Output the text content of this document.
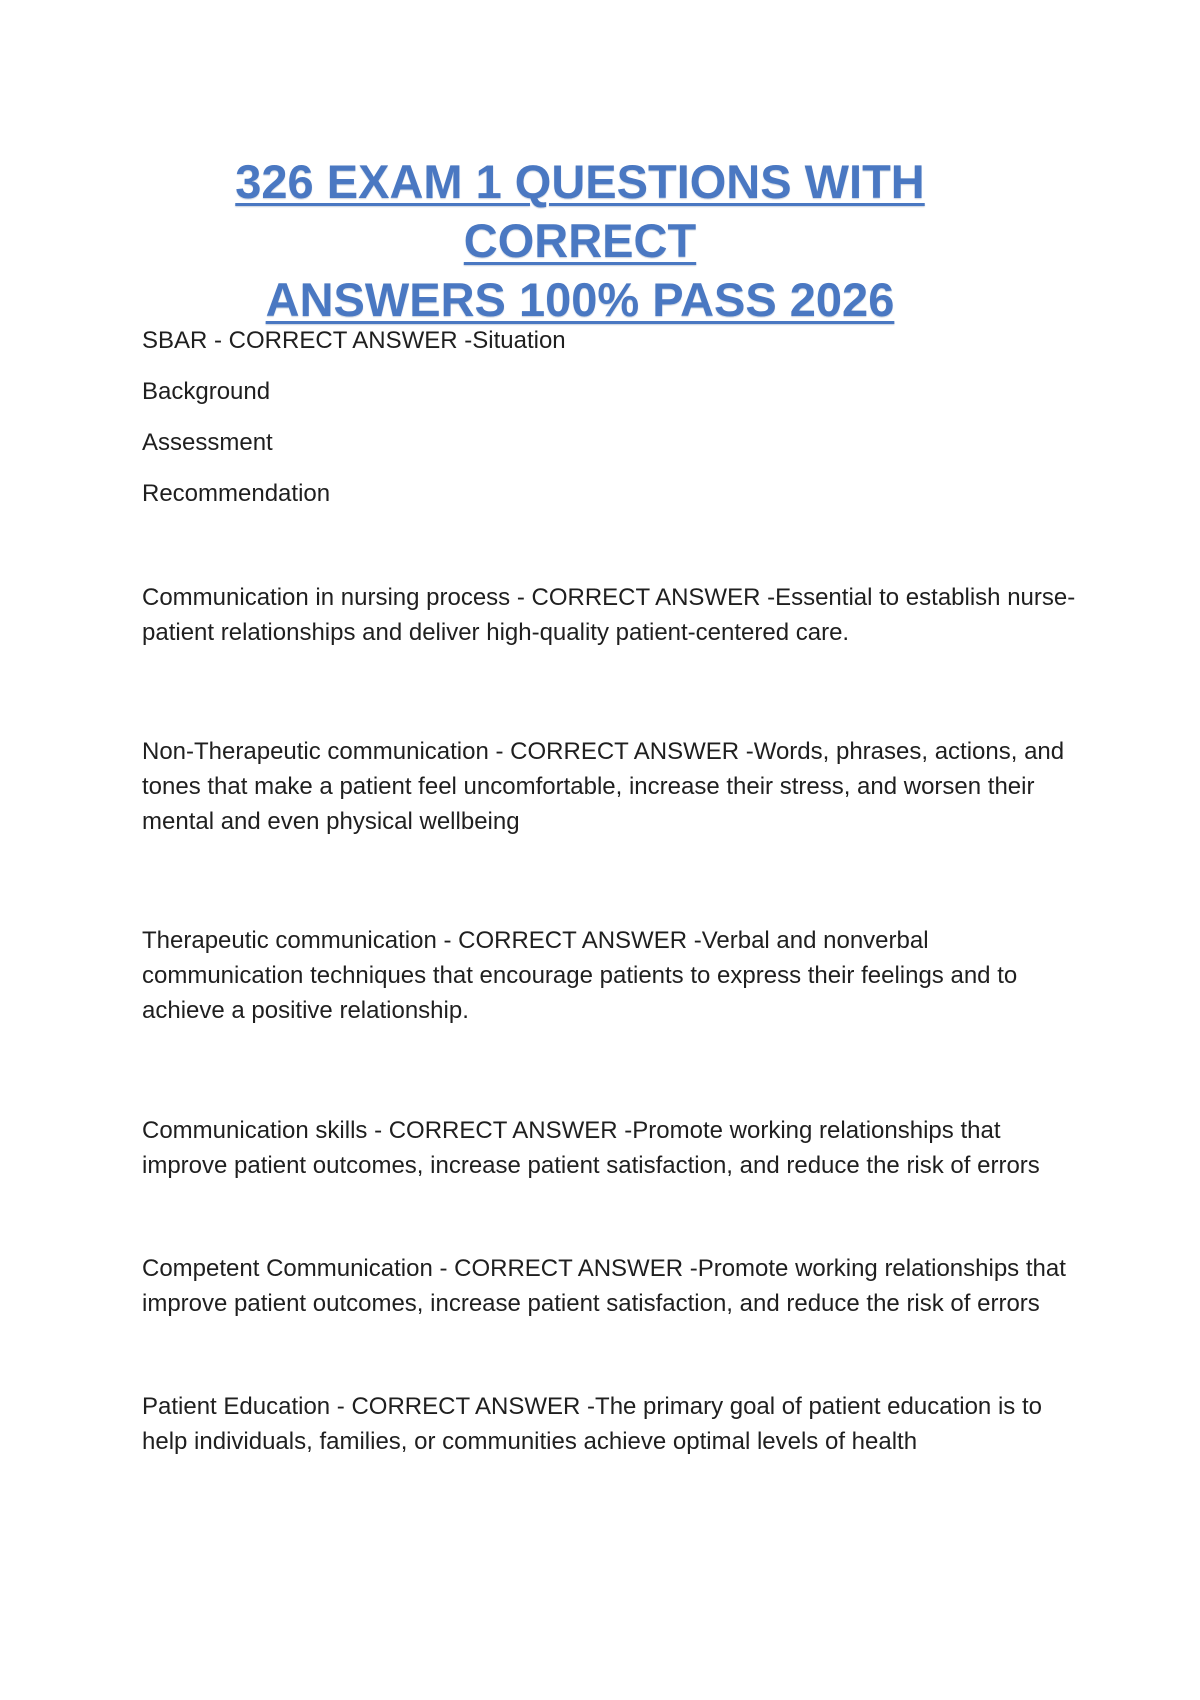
326 EXAM 1 QUESTIONS WITH CORRECT
ANSWERS 100% PASS 2026

SBAR - CORRECT ANSWER -Situation

Background

Assessment

Recommendation

Communication in nursing process - CORRECT ANSWER -Essential to establish nurse-
patient relationships and deliver high-quality patient-centered care.
Non-Therapeutic communication - CORRECT ANSWER -Words, phrases, actions, and
tones that make a patient feel uncomfortable, increase their stress, and worsen their
mental and even physical wellbeing
Therapeutic communication - CORRECT ANSWER -Verbal and nonverbal
communication techniques that encourage patients to express their feelings and to
achieve a positive relationship.
Communication skills - CORRECT ANSWER -Promote working relationships that
improve patient outcomes, increase patient satisfaction, and reduce the risk of errors
Competent Communication - CORRECT ANSWER -Promote working relationships that
improve patient outcomes, increase patient satisfaction, and reduce the risk of errors
Patient Education - CORRECT ANSWER -The primary goal of patient education is to
help individuals, families, or communities achieve optimal levels of health
